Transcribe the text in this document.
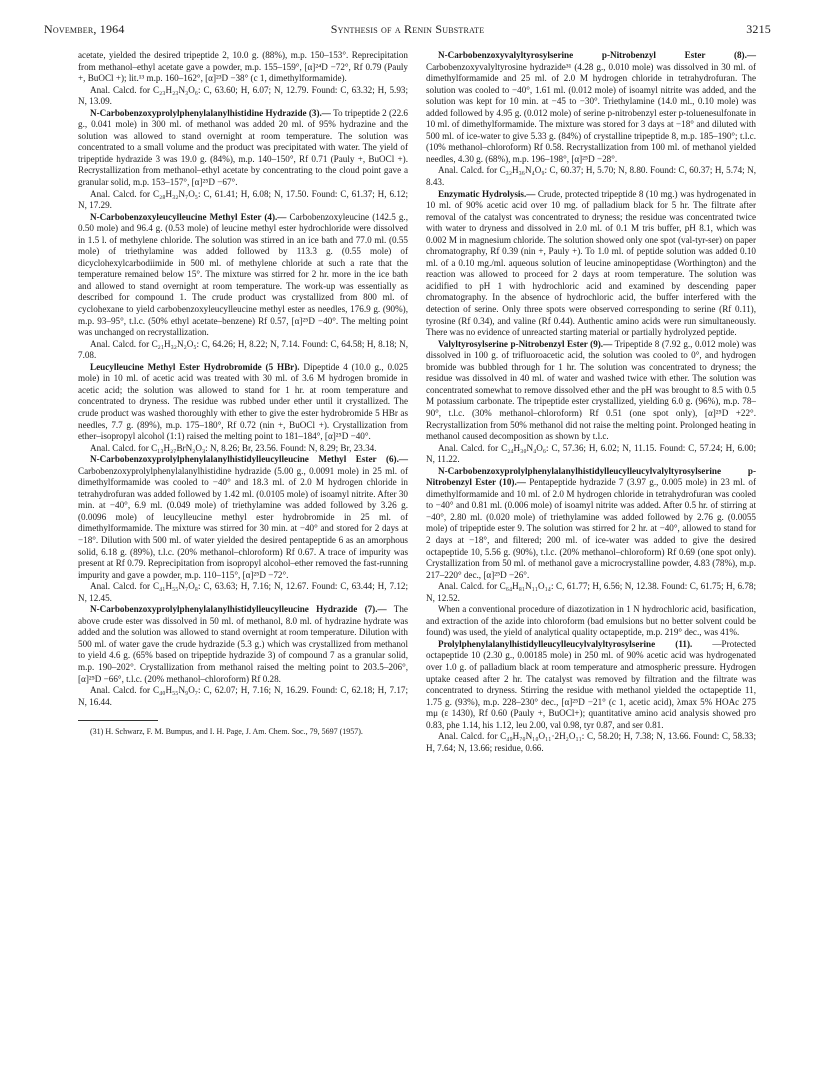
November, 1964	Synthesis of a Renin Substrate	3215

acetate, yielded the desired tripeptide 2, 10.0 g. (88%), m.p. 150–153°. Reprecipitation from methanol–ethyl acetate gave a powder, m.p. 155–159°, [α]²⁴D −72°, Rf 0.79 (Pauly +, BuOCl +); lit.¹³ m.p. 160–162°, [α]²³D −38° (c 1, dimethylformamide).

Anal. Calcd. for C₂₃H₂₃N₃O₆: C, 63.60; H, 6.07; N, 12.79. Found: C, 63.32; H, 5.93; N, 13.09.

N-Carbobenzoxyprolylphenylalanylhistidine Hydrazide (3).— To tripeptide 2 (22.6 g., 0.041 mole) in 300 ml. of methanol was added 20 ml. of 95% hydrazine and the solution was allowed to stand overnight at room temperature. The solution was concentrated to a small volume and the product was precipitated with water. The yield of tripeptide hydrazide 3 was 19.0 g. (84%), m.p. 140–150°, Rf 0.71 (Pauly +, BuOCl +). Recrystallization from methanol–ethyl acetate by concentrating to the cloud point gave a granular solid, m.p. 153–157°, [α]²⁵D −67°.

Anal. Calcd. for C₂₈H₃₂N₇O₅: C, 61.41; H, 6.08; N, 17.50. Found: C, 61.37; H, 6.12; N, 17.29.

N-Carbobenzoxyleucylleucine Methyl Ester (4).— Carbobenzoxyleucine (142.5 g., 0.50 mole) and 96.4 g. (0.53 mole) of leucine methyl ester hydrochloride were dissolved in 1.5 l. of methylene chloride. The solution was stirred in an ice bath and 77.0 ml. (0.55 mole) of triethylamine was added followed by 113.3 g. (0.55 mole) of dicyclohexylcarbodiimide in 500 ml. of methylene chloride at such a rate that the temperature remained below 15°. The mixture was stirred for 2 hr. more in the ice bath and allowed to stand overnight at room temperature. The work-up was essentially as described for compound 1. The crude product was crystallized from 800 ml. of cyclohexane to yield carbobenzoxyleucylleucine methyl ester as needles, 176.9 g. (90%), m.p. 93–95°, t.l.c. (50% ethyl acetate–benzene) Rf 0.57, [α]²⁵D −40°. The melting point was unchanged on recrystallization.

Anal. Calcd. for C₂₁H₃₂N₂O₅: C, 64.26; H, 8.22; N, 7.14. Found: C, 64.58; H, 8.18; N, 7.08.

Leucylleucine Methyl Ester Hydrobromide (5 HBr). Dipeptide 4 (10.0 g., 0.025 mole) in 10 ml. of acetic acid was treated with 30 ml. of 3.6 M hydrogen bromide in acetic acid; the solution was allowed to stand for 1 hr. at room temperature and concentrated to dryness. The residue was rubbed under ether until it crystallized. The crude product was washed thoroughly with ether to give the ester hydrobromide 5 HBr as needles, 7.7 g. (89%), m.p. 175–180°, Rf 0.72 (nin +, BuOCl +). Crystallization from ether–isopropyl alcohol (1:1) raised the melting point to 181–184°, [α]²⁵D −40°.

Anal. Calcd. for C₁₃H₂₇BrN₂O₃: N, 8.26; Br, 23.56. Found: N, 8.29; Br, 23.34.

N-Carbobenzoxyprolylphenylalanylhistidylleucylleucine Methyl Ester (6).— Carbobenzoxyprolylphenylalanylhistidine hydrazide (5.00 g., 0.0091 mole) in 25 ml. of dimethylformamide was cooled to −40° and 18.3 ml. of 2.0 M hydrogen chloride in tetrahydrofuran was added followed by 1.42 ml. (0.0105 mole) of isoamyl nitrite. After 30 min. at −40°, 6.9 ml. (0.049 mole) of triethylamine was added followed by 3.26 g. (0.0096 mole) of leucylleucine methyl ester hydrobromide in 25 ml. of dimethylformamide. The mixture was stirred for 30 min. at −40° and stored for 2 days at −18°. Dilution with 500 ml. of water yielded the desired pentapeptide 6 as an amorphous solid, 6.18 g. (89%), t.l.c. (20% methanol–chloroform) Rf 0.67. A trace of impurity was present at Rf 0.79. Reprecipitation from isopropyl alcohol–ether removed the fast-running impurity and gave a powder, m.p. 110–115°, [α]²⁵D −72°.

Anal. Calcd. for C₄₁H₅₅N₇O₈: C, 63.63; H, 7.16; N, 12.67. Found: C, 63.44; H, 7.12; N, 12.45.

N-Carbobenzoxyprolylphenylalanylhistidylleucylleucine Hydrazide (7).— The above crude ester was dissolved in 50 ml. of methanol, 8.0 ml. of hydrazine hydrate was added and the solution was allowed to stand overnight at room temperature. Dilution with 500 ml. of water gave the crude hydrazide (5.3 g.) which was crystallized from methanol to yield 4.6 g. (65% based on tripeptide hydrazide 3) of compound 7 as a granular solid, m.p. 190–202°. Crystallization from methanol raised the melting point to 203.5–206°, [α]²⁵D −66°, t.l.c. (20% methanol–chloroform) Rf 0.28.

Anal. Calcd. for C₄₀H₅₅N₉O₇: C, 62.07; H, 7.16; N, 16.29. Found: C, 62.18; H, 7.17; N, 16.44.

(31) H. Schwarz, F. M. Bumpus, and I. H. Page, J. Am. Chem. Soc., 79, 5697 (1957).

N-Carbobenzoxyvalyltyrosylserine p-Nitrobenzyl Ester (8).— Carbobenzoxyvalyltyrosine hydrazide³¹ (4.28 g., 0.010 mole) was dissolved in 30 ml. of dimethylformamide and 25 ml. of 2.0 M hydrogen chloride in tetrahydrofuran. The solution was cooled to −40°, 1.61 ml. (0.012 mole) of isoamyl nitrite was added, and the solution was kept for 10 min. at −45 to −30°. Triethylamine (14.0 ml., 0.10 mole) was added followed by 4.95 g. (0.012 mole) of serine p-nitrobenzyl ester p-toluenesulfonate in 10 ml. of dimethylformamide. The mixture was stored for 3 days at −18° and diluted with 500 ml. of ice-water to give 5.33 g. (84%) of crystalline tripeptide 8, m.p. 185–190°; t.l.c. (10% methanol–chloroform) Rf 0.58. Recrystallization from 100 ml. of methanol yielded needles, 4.30 g. (68%), m.p. 196–198°, [α]²⁵D −28°.

Anal. Calcd. for C₃₂H₃₆N₄O₉: C, 60.37; H, 5.70; N, 8.80. Found: C, 60.37; H, 5.74; N, 8.43.

Enzymatic Hydrolysis.— Crude, protected tripeptide 8 (10 mg.) was hydrogenated in 10 ml. of 90% acetic acid over 10 mg. of palladium black for 5 hr. The filtrate after removal of the catalyst was concentrated to dryness; the residue was concentrated twice with water to dryness and dissolved in 2.0 ml. of 0.1 M tris buffer, pH 8.1, which was 0.002 M in magnesium chloride. The solution showed only one spot (val-tyr-ser) on paper chromatography, Rf 0.39 (nin +, Pauly +). To 1.0 ml. of peptide solution was added 0.10 ml. of a 0.10 mg./ml. aqueous solution of leucine aminopeptidase (Worthington) and the reaction was allowed to proceed for 2 days at room temperature. The solution was acidified to pH 1 with hydrochloric acid and examined by descending paper chromatography. In the absence of hydrochloric acid, the buffer interfered with the detection of serine. Only three spots were observed corresponding to serine (Rf 0.11), tyrosine (Rf 0.34), and valine (Rf 0.44). Authentic amino acids were run simultaneously. There was no evidence of unreacted starting material or partially hydrolyzed peptide.

Valyltyrosylserine p-Nitrobenzyl Ester (9).— Tripeptide 8 (7.92 g., 0.012 mole) was dissolved in 100 g. of trifluoroacetic acid, the solution was cooled to 0°, and hydrogen bromide was bubbled through for 1 hr. The solution was concentrated to dryness; the residue was dissolved in 40 ml. of water and washed twice with ether. The solution was concentrated somewhat to remove dissolved ether and the pH was brought to 8.5 with 0.5 M potassium carbonate. The tripeptide ester crystallized, yielding 6.0 g. (96%), m.p. 78–90°, t.l.c. (30% methanol–chloroform) Rf 0.51 (one spot only), [α]²⁵D +22°. Recrystallization from 50% methanol did not raise the melting point. Prolonged heating in methanol caused decomposition as shown by t.l.c.

Anal. Calcd. for C₂₄H₃₀N₄O₆: C, 57.36; H, 6.02; N, 11.15. Found: C, 57.24; H, 6.00; N, 11.22.

N-Carbobenzoxyprolylphenylalanylhistidylleucylleucylvalyltyrosylserine p-Nitrobenzyl Ester (10).— Pentapeptide hydrazide 7 (3.97 g., 0.005 mole) in 23 ml. of dimethylformamide and 10 ml. of 2.0 M hydrogen chloride in tetrahydrofuran was cooled to −40° and 0.81 ml. (0.006 mole) of isoamyl nitrite was added. After 0.5 hr. of stirring at −40°, 2.80 ml. (0.020 mole) of triethylamine was added followed by 2.76 g. (0.0055 mole) of tripeptide ester 9. The solution was stirred for 2 hr. at −40°, allowed to stand for 2 days at −18°, and filtered; 200 ml. of ice-water was added to give the desired octapeptide 10, 5.56 g. (90%), t.l.c. (20% methanol–chloroform) Rf 0.69 (one spot only). Crystallization from 50 ml. of methanol gave a microcrystalline powder, 4.83 (78%), m.p. 217–220° dec., [α]²⁵D −26°.

Anal. Calcd. for C₆₄H₈₁N₁₁O₁₄: C, 61.77; H, 6.56; N, 12.38. Found: C, 61.75; H, 6.78; N, 12.52.

When a conventional procedure of diazotization in 1 N hydrochloric acid, basification, and extraction of the azide into chloroform (bad emulsions but no better solvent could be found) was used, the yield of analytical quality octapeptide, m.p. 219° dec., was 41%.

Prolylphenylalanylhistidylleucylleucylvalyltyrosylserine (11). —Protected octapeptide 10 (2.30 g., 0.00185 mole) in 250 ml. of 90% acetic acid was hydrogenated over 1.0 g. of palladium black at room temperature and atmospheric pressure. Hydrogen uptake ceased after 2 hr. The catalyst was removed by filtration and the filtrate was concentrated to dryness. Stirring the residue with methanol yielded the octapeptide 11, 1.75 g. (93%), m.p. 228–230° dec., [α]²⁵D −21° (c 1, acetic acid), λmax 5% HOAc 275 mμ (ε 1430), Rf 0.60 (Pauly +, BuOCl+); quantitative amino acid analysis showed pro 0.83, phe 1.14, his 1.12, leu 2.00, val 0.98, tyr 0.87, and ser 0.81.

Anal. Calcd. for C₄₉H₇₀N₁₀O₁₁·2H₂O₁₁: C, 58.20; H, 7.38; N, 13.66. Found: C, 58.33; H, 7.64; N, 13.66; residue, 0.66.
